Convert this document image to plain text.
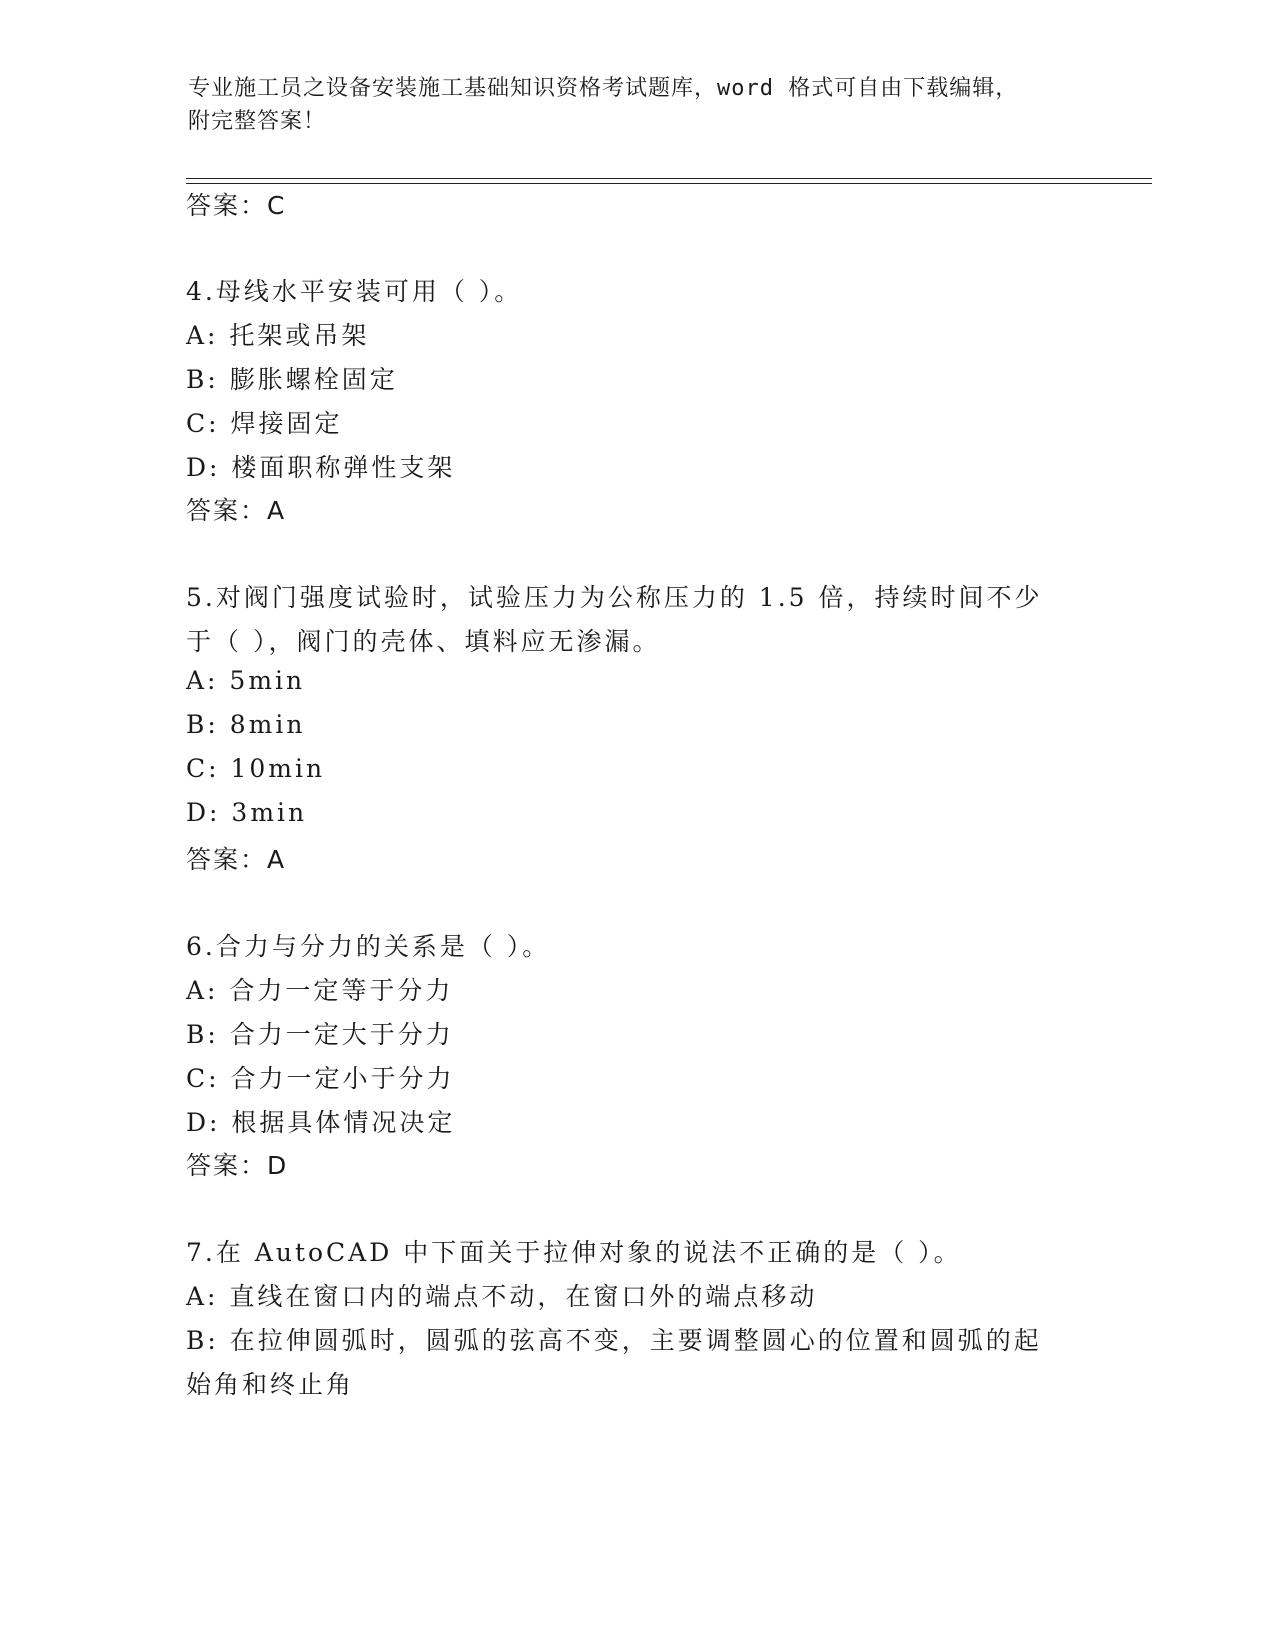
专业施工员之设备安装施工基础知识资格考试题库，word 格式可自由下载编辑，
附完整答案！
答案：C
4.母线水平安装可用（ ）。
A: 托架或吊架
B: 膨胀螺栓固定
C: 焊接固定
D: 楼面职称弹性支架
答案：A
5.对阀门强度试验时，试验压力为公称压力的 1.5 倍，持续时间不少
于（ ），阀门的壳体、填料应无渗漏。
A: 5min
B: 8min
C: 10min
D: 3min
答案：A
6.合力与分力的关系是（ ）。
A: 合力一定等于分力
B: 合力一定大于分力
C: 合力一定小于分力
D: 根据具体情况决定
答案：D
7.在 AutoCAD 中下面关于拉伸对象的说法不正确的是（ ）。
A: 直线在窗口内的端点不动，在窗口外的端点移动
B: 在拉伸圆弧时，圆弧的弦高不变，主要调整圆心的位置和圆弧的起
始角和终止角
